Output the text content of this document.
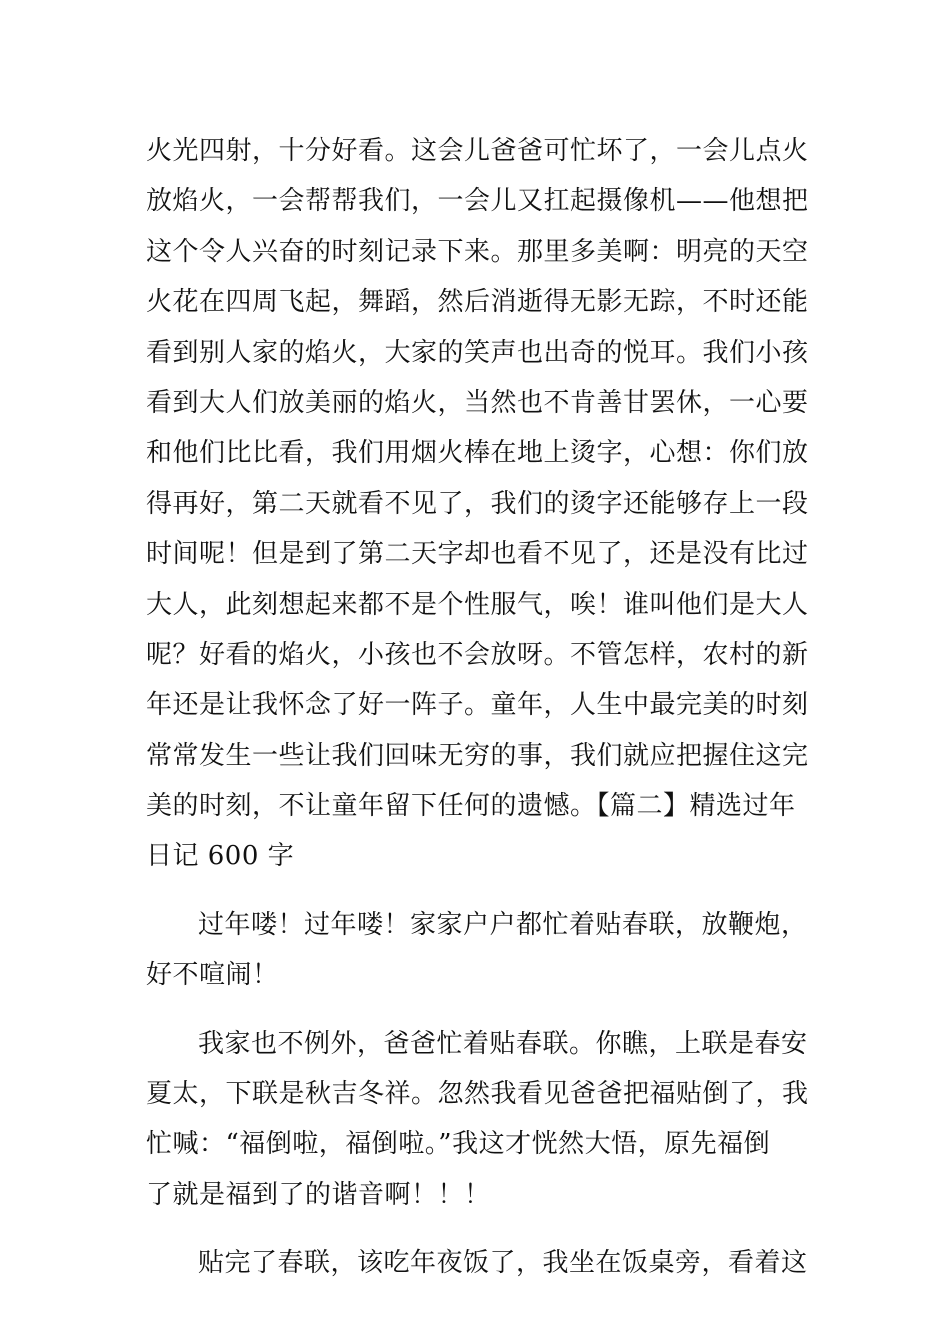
火光四射，十分好看。这会儿爸爸可忙坏了，一会儿点火
放焰火，一会帮帮我们，一会儿又扛起摄像机——他想把
这个令人兴奋的时刻记录下来。那里多美啊：明亮的天空
火花在四周飞起，舞蹈，然后消逝得无影无踪，不时还能
看到别人家的焰火，大家的笑声也出奇的悦耳。我们小孩
看到大人们放美丽的焰火，当然也不肯善甘罢休，一心要
和他们比比看，我们用烟火棒在地上烫字，心想：你们放
得再好，第二天就看不见了，我们的烫字还能够存上一段
时间呢！但是到了第二天字却也看不见了，还是没有比过
大人，此刻想起来都不是个性服气，唉！谁叫他们是大人
呢？好看的焰火，小孩也不会放呀。不管怎样，农村的新
年还是让我怀念了好一阵子。童年，人生中最完美的时刻
常常发生一些让我们回味无穷的事，我们就应把握住这完
美的时刻，不让童年留下任何的遗憾。【篇二】精选过年
日记 600 字
过年喽！过年喽！家家户户都忙着贴春联，放鞭炮，
好不喧闹！
我家也不例外，爸爸忙着贴春联。你瞧，上联是春安
夏太，下联是秋吉冬祥。忽然我看见爸爸把福贴倒了，我
忙喊：“福倒啦，福倒啦。”我这才恍然大悟，原先福倒
了就是福到了的谐音啊！！！
贴完了春联，该吃年夜饭了，我坐在饭桌旁，看着这
